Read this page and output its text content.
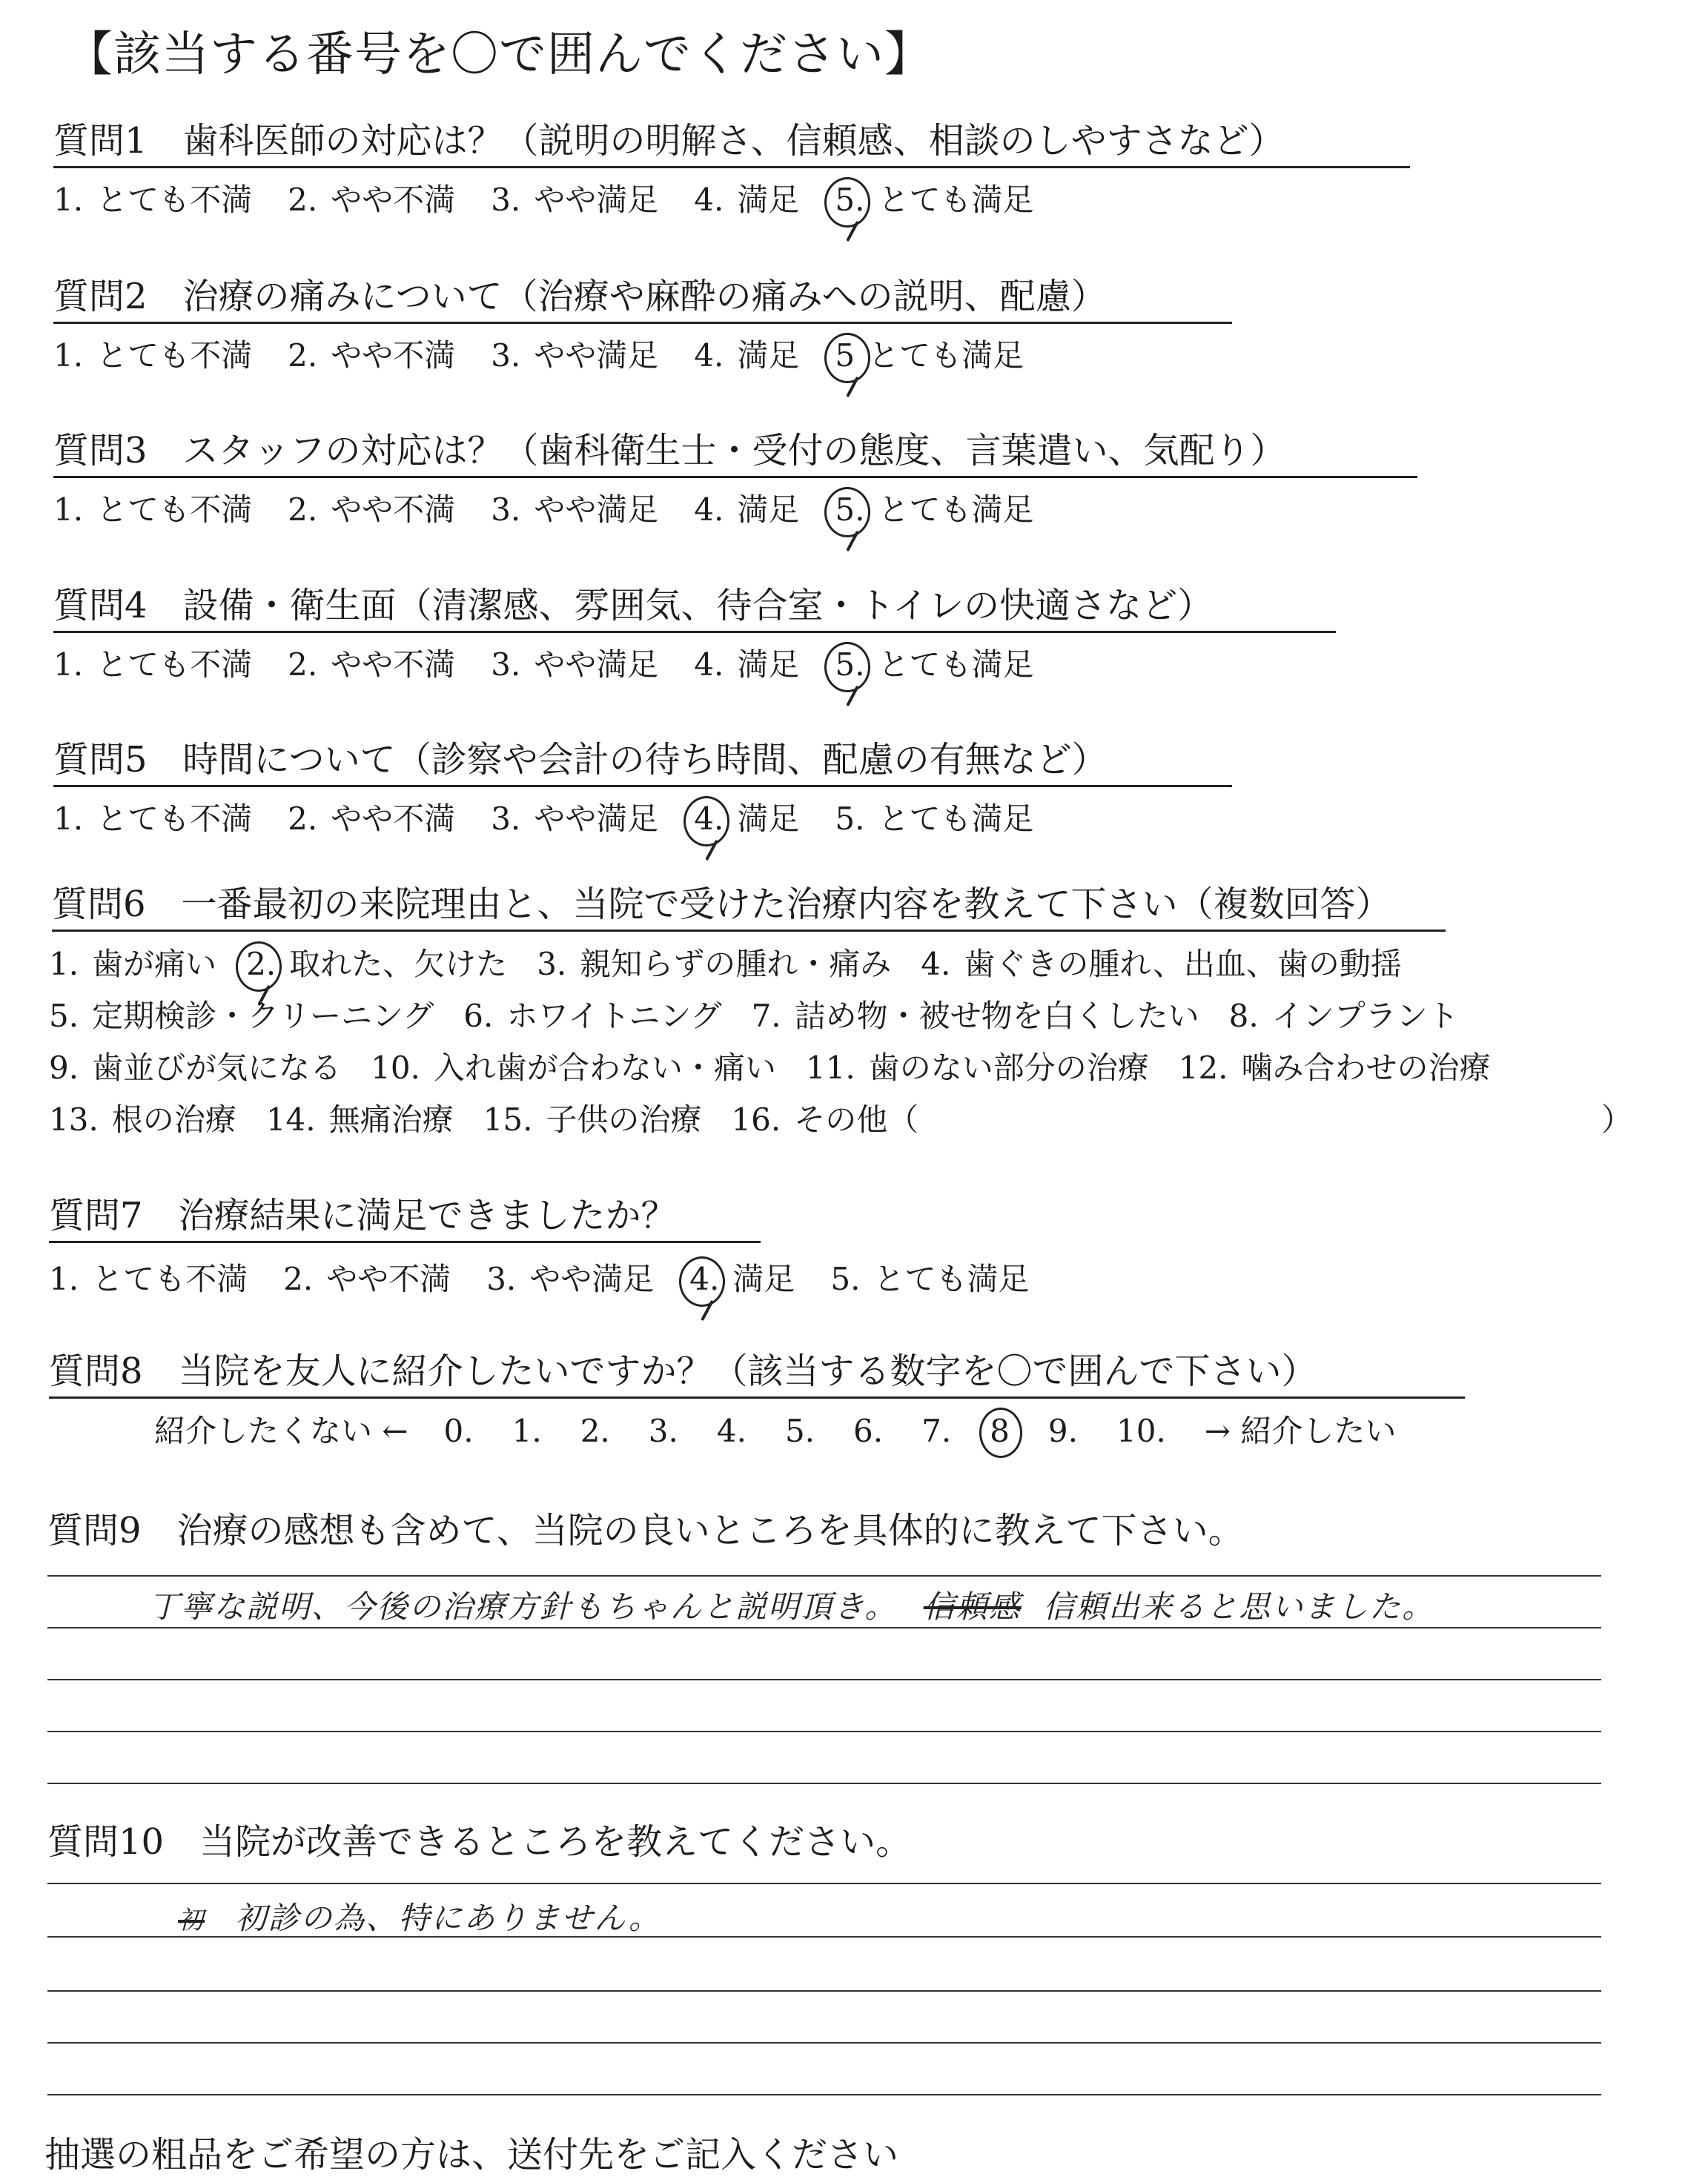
【該当する番号を〇で囲んでください】
質問1 歯科医師の対応は？（説明の明解さ、信頼感、相談のしやすさなど）
1. とても不満 2. やや不満 3. やや満足 4. 満足 5. とても満足
質問2 治療の痛みについて（治療や麻酔の痛みへの説明、配慮）
1. とても不満 2. やや不満 3. やや満足 4. 満足 5 とても満足
質問3 スタッフの対応は？（歯科衛生士・受付の態度、言葉遣い、気配り）
1. とても不満 2. やや不満 3. やや満足 4. 満足 5. とても満足
質問4 設備・衛生面（清潔感、雰囲気、待合室・トイレの快適さなど）
1. とても不満 2. やや不満 3. やや満足 4. 満足 5. とても満足
質問5 時間について（診察や会計の待ち時間、配慮の有無など）
1. とても不満 2. やや不満 3. やや満足 4. 満足 5. とても満足
質問6 一番最初の来院理由と、当院で受けた治療内容を教えて下さい（複数回答）
1. 歯が痛い 2. 取れた、欠けた 3. 親知らずの腫れ・痛み 4. 歯ぐきの腫れ、出血、歯の動揺
5. 定期検診・クリーニング 6. ホワイトニング 7. 詰め物・被せ物を白くしたい 8. インプラント
9. 歯並びが気になる 10. 入れ歯が合わない・痛い 11. 歯のない部分の治療 12. 噛み合わせの治療
13. 根の治療 14. 無痛治療 15. 子供の治療 16. その他（	）
質問7 治療結果に満足できましたか？
1. とても不満 2. やや不満 3. やや満足 4. 満足 5. とても満足
質問8 当院を友人に紹介したいですか？（該当する数字を〇で囲んで下さい）
紹介したくない ← 0. 1. 2. 3. 4. 5. 6. 7. 8 9. 10. → 紹介したい
質問9 治療の感想も含めて、当院の良いところを具体的に教えて下さい。
丁寧な説明、今後の治療方針もちゃんと説明頂き。 信頼感 信頼出来ると思いました。
質問10 当院が改善できるところを教えてください。
初 初診の為、特にありません。
抽選の粗品をご希望の方は、送付先をご記入ください
